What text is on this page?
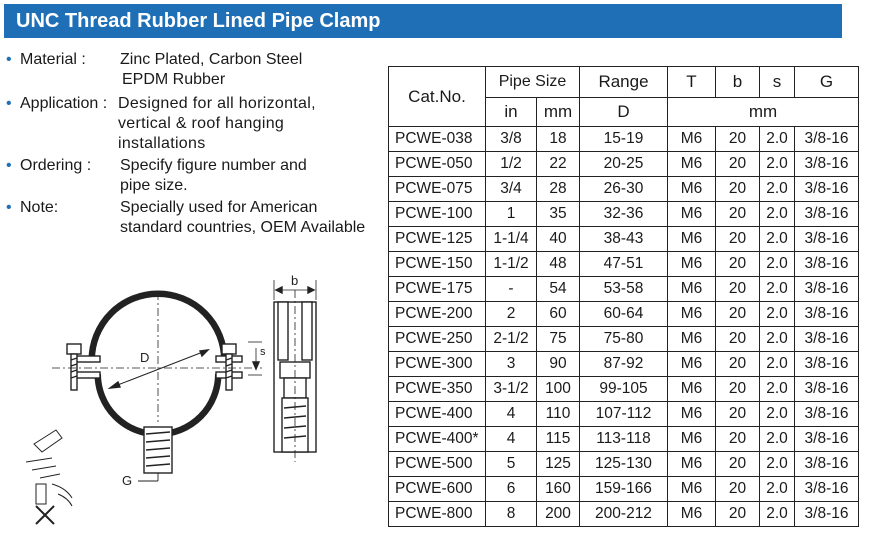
UNC Thread Rubber Lined Pipe Clamp
• Material : Zinc Plated, Carbon Steel
EPDM Rubber
• Application : Designed for all horizontal,
vertical & roof hanging
installations
• Ordering : Specify figure number and
pipe size.
• Note:	Specially used for American
standard countries, OEM Available
D
b
s
G
Cat.No.	Pipe Size		Range	T	b	s	G
	in	mm	D	mm			
PCWE-038	3/8	18	15-19	M6	20	2.0	3/8-16
PCWE-050	1/2	22	20-25	M6	20	2.0	3/8-16
PCWE-075	3/4	28	26-30	M6	20	2.0	3/8-16
PCWE-100	1	35	32-36	M6	20	2.0	3/8-16
PCWE-125	1-1/4	40	38-43	M6	20	2.0	3/8-16
PCWE-150	1-1/2	48	47-51	M6	20	2.0	3/8-16
PCWE-175	-	54	53-58	M6	20	2.0	3/8-16
PCWE-200	2	60	60-64	M6	20	2.0	3/8-16
PCWE-250	2-1/2	75	75-80	M6	20	2.0	3/8-16
PCWE-300	3	90	87-92	M6	20	2.0	3/8-16
PCWE-350	3-1/2	100	99-105	M6	20	2.0	3/8-16
PCWE-400	4	110	107-112	M6	20	2.0	3/8-16
PCWE-400*	4	115	113-118	M6	20	2.0	3/8-16
PCWE-500	5	125	125-130	M6	20	2.0	3/8-16
PCWE-600	6	160	159-166	M6	20	2.0	3/8-16
PCWE-800	8	200	200-212	M6	20	2.0	3/8-16
